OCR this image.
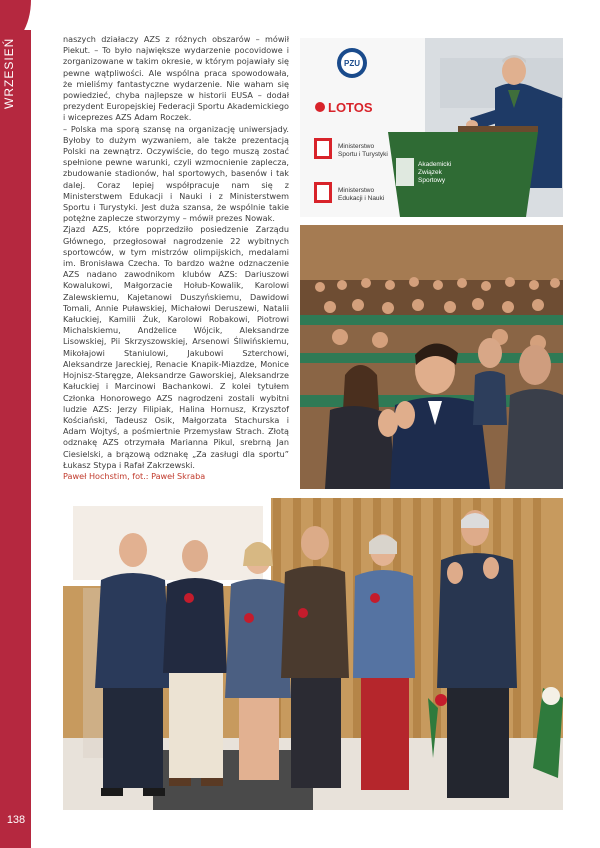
WRZESIEŃ
138

naszych działaczy AZS z różnych obszarów – mówił Piekut. – To było największe wydarzenie pocovidowe i zorganizowane w takim okresie, w którym pojawiały się pewne wątpliwości. Ale wspólna praca spowodowała, że mieliśmy fantastyczne wydarzenie. Nie waham się powiedzieć, chyba najlepsze w historii EUSA – dodał prezydent Europejskiej Federacji Sportu Akademickiego i wiceprezes AZS Adam Roczek.

– Polska ma sporą szansę na organizację uniwersjady. Byłoby to dużym wyzwaniem, ale także prezentacją Polski na zewnątrz. Oczywiście, do tego muszą zostać spełnione pewne warunki, czyli wzmocnienie zaplecza, zbudowanie stadionów, hal sportowych, basenów i tak dalej. Coraz lepiej współpracuje nam się z Ministerstwem Edukacji i Nauki i z Ministerstwem Sportu i Turystyki. Jest duża szansa, że wspólnie takie potężne zaplecze stworzymy – mówił prezes Nowak.

Zjazd AZS, które poprzedziło posiedzenie Zarządu Głównego, przegłosował nagrodzenie 22 wybitnych sportowców, w tym mistrzów olimpijskich, medalami im. Bronisława Czecha. To bardzo ważne odznaczenie AZS nadano zawodnikom klubów AZS: Dariuszowi Kowalukowi, Małgorzacie Hołub-Kowalik, Karolowi Zalewskiemu, Kajetanowi Duszyńskiemu, Dawidowi Tomali, Annie Puławskiej, Michałowi Deruszewi, Natalii Kałuckiej, Kamilii Żuk, Karolowi Robakowi, Piotrowi Michalskiemu, Andżelice Wójcik, Aleksandrze Lisowskiej, Pii Skrzyszowskiej, Arsenowi Śliwińskiemu, Mikołajowi Staniulowi, Jakubowi Szterchowi, Aleksandrze Jareckiej, Renacie Knapik-Miazdze, Monice Hojnisz-Staręgze, Aleksandrze Gaworskiej, Aleksandrze Kałuckiej i Marcinowi Bachankowi. Z kolei tytułem Członka Honorowego AZS nagrodzeni zostali wybitni ludzie AZS: Jerzy Filipiak, Halina Hornusz, Krzysztof Kościański, Tadeusz Osik, Małgorzata Stachurska i Adam Wojtyś, a pośmiertnie Przemysław Strach. Złotą odznakę AZS otrzymała Marianna Pikul, srebrną Jan Ciesielski, a brązową odznakę „Za zasługi dla sportu” Łukasz Stypa i Rafał Zakrzewski.

Paweł Hochstim, fot.: Paweł Skraba

PZU
LOTOS
Ministerstwo
Sportu i Turystyki
Ministerstwo
Edukacji i Nauki
Akademicki
Związek
Sportowy
